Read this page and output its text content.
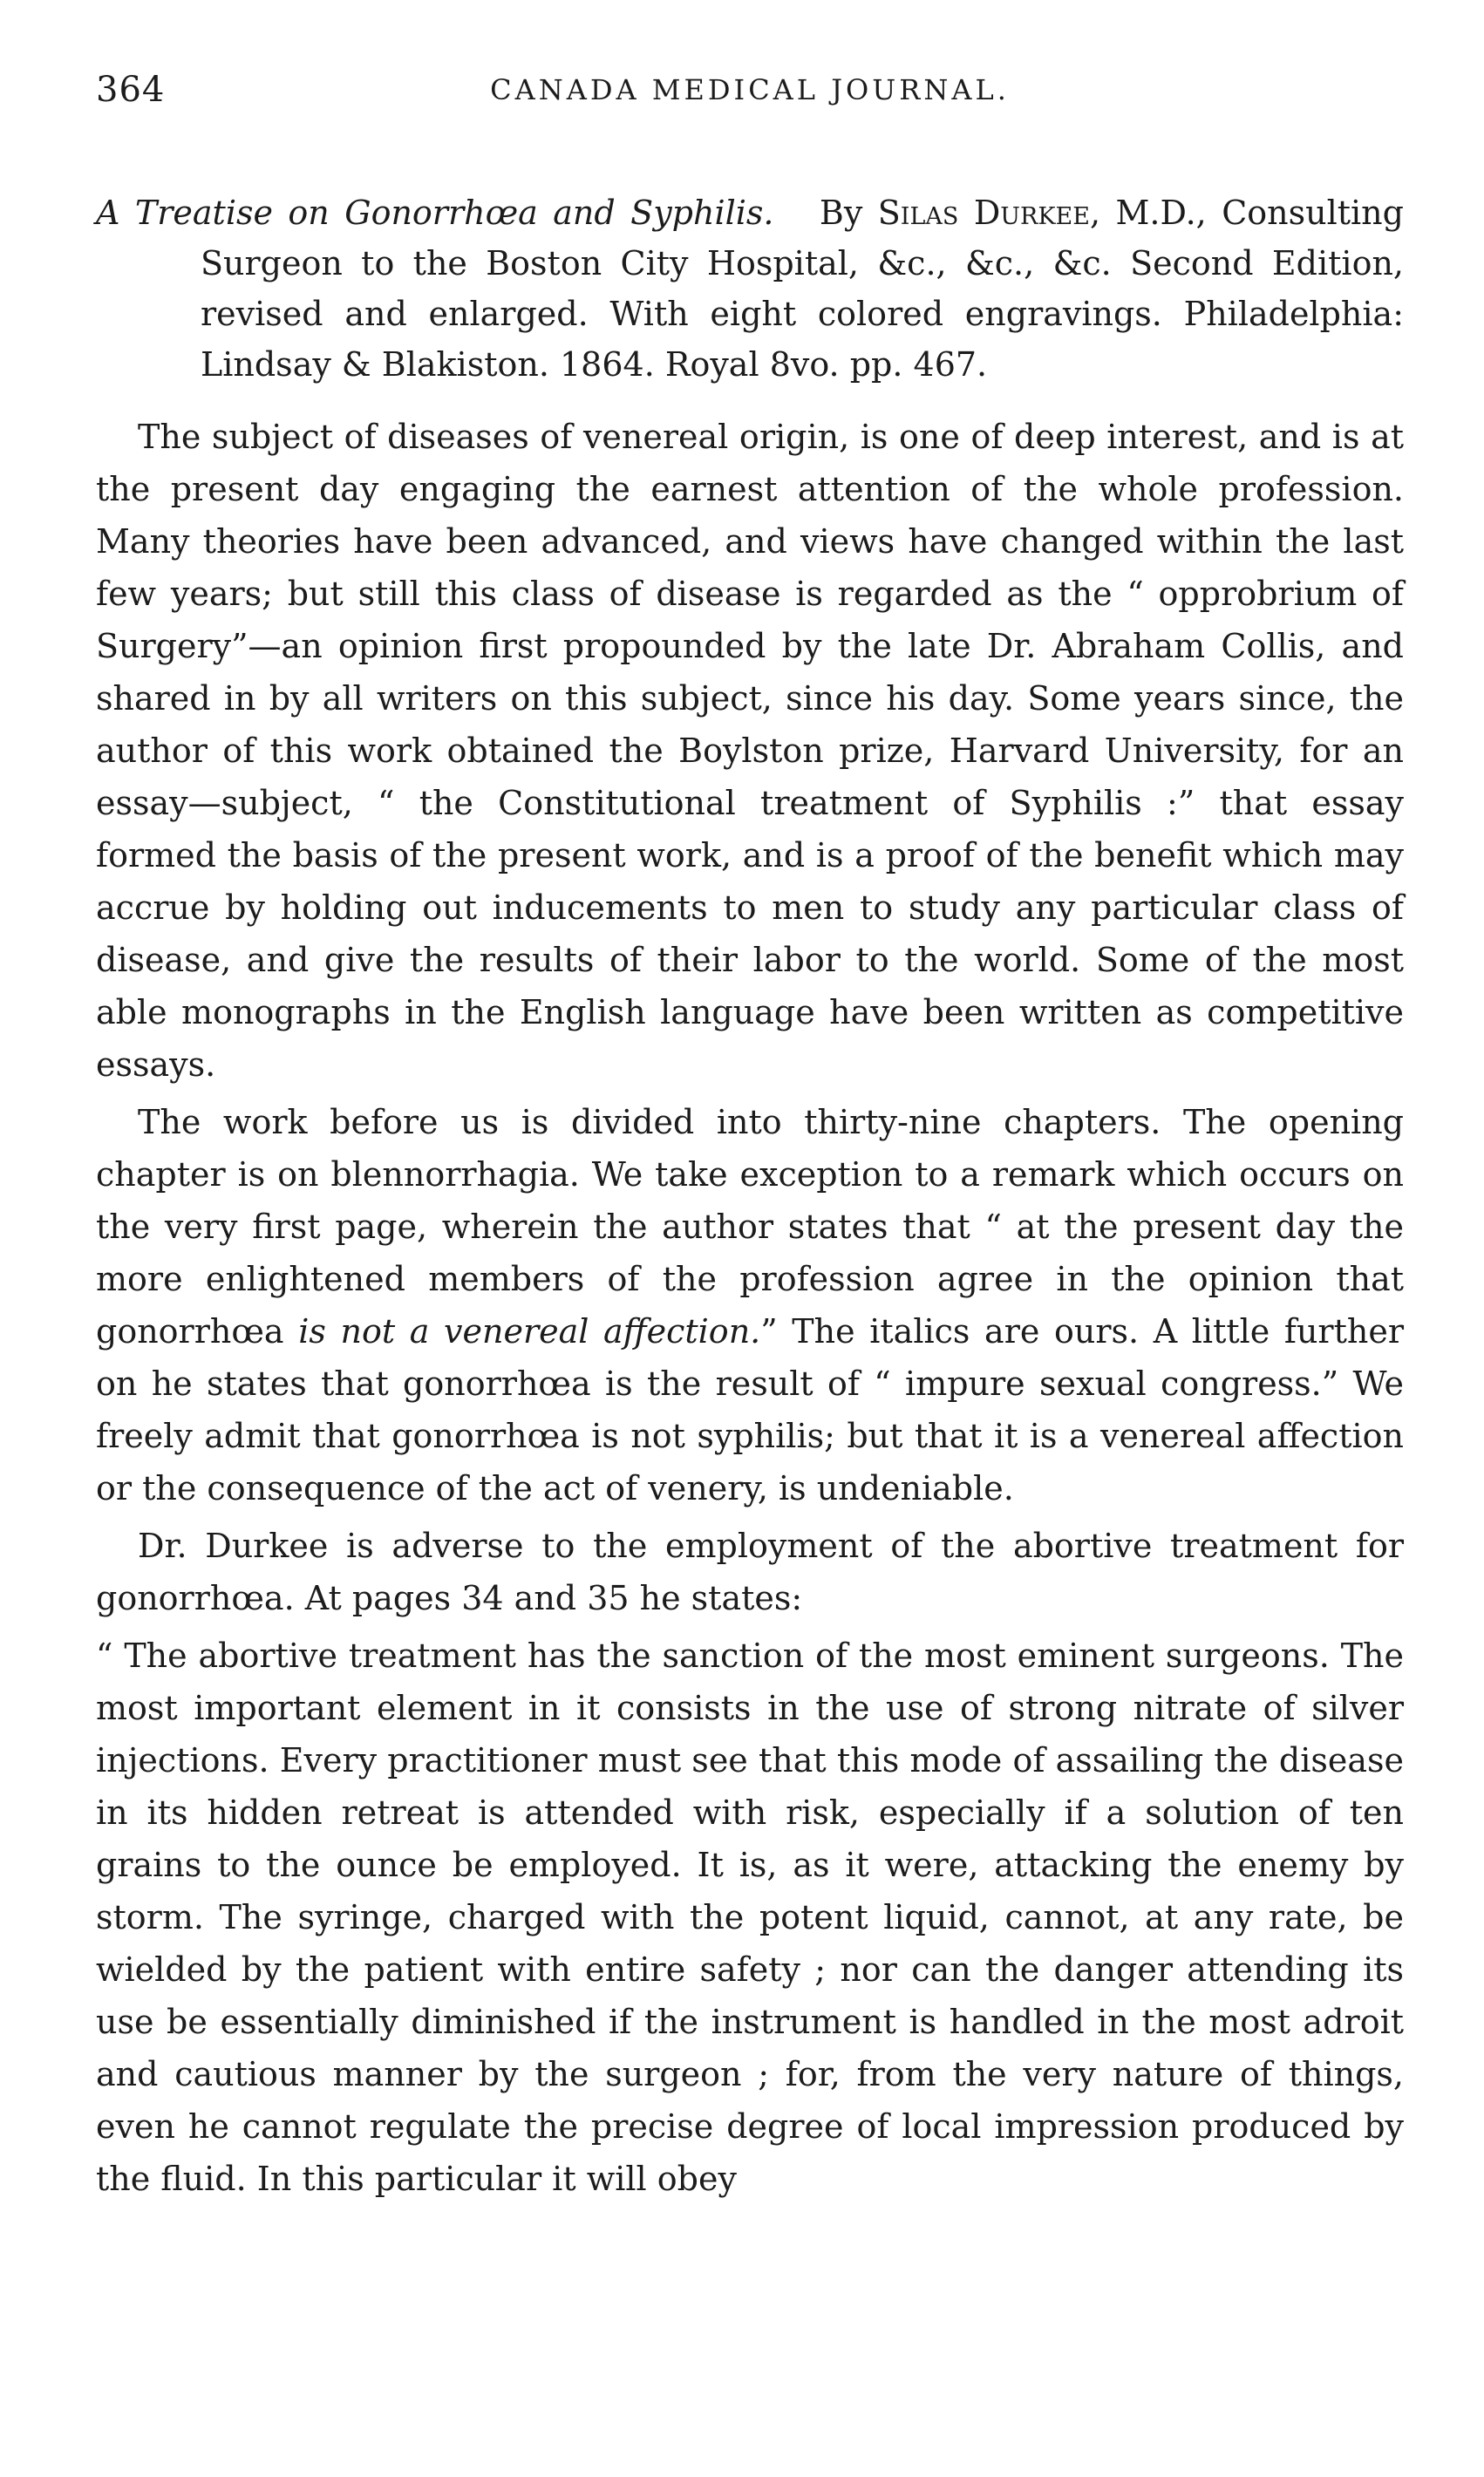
364	CANADA MEDICAL JOURNAL.

A Treatise on Gonorrhœa and Syphilis. By Silas Durkee, M.D., Consulting Surgeon to the Boston City Hospital, &c., &c., &c. Second Edition, revised and enlarged. With eight colored engravings. Philadelphia: Lindsay & Blakiston. 1864. Royal 8vo. pp. 467.

The subject of diseases of venereal origin, is one of deep interest, and is at the present day engaging the earnest attention of the whole profession. Many theories have been advanced, and views have changed within the last few years; but still this class of disease is regarded as the “ opprobrium of Surgery”—an opinion first propounded by the late Dr. Abraham Collis, and shared in by all writers on this subject, since his day. Some years since, the author of this work obtained the Boylston prize, Harvard University, for an essay—subject, “ the Constitutional treatment of Syphilis :” that essay formed the basis of the present work, and is a proof of the benefit which may accrue by holding out inducements to men to study any particular class of disease, and give the results of their labor to the world. Some of the most able monographs in the English language have been written as competitive essays.

The work before us is divided into thirty-nine chapters. The opening chapter is on blennorrhagia. We take exception to a remark which occurs on the very first page, wherein the author states that “ at the present day the more enlightened members of the profession agree in the opinion that gonorrhœa is not a venereal affection.” The italics are ours. A little further on he states that gonorrhœa is the result of “ impure sexual congress.” We freely admit that gonorrhœa is not syphilis; but that it is a venereal affection or the consequence of the act of venery, is undeniable.

Dr. Durkee is adverse to the employment of the abortive treatment for gonorrhœa. At pages 34 and 35 he states:

“ The abortive treatment has the sanction of the most eminent surgeons. The most important element in it consists in the use of strong nitrate of silver injections. Every practitioner must see that this mode of assailing the disease in its hidden retreat is attended with risk, especially if a solution of ten grains to the ounce be employed. It is, as it were, attacking the enemy by storm. The syringe, charged with the potent liquid, cannot, at any rate, be wielded by the patient with entire safety ; nor can the danger attending its use be essentially diminished if the instrument is handled in the most adroit and cautious manner by the surgeon ; for, from the very nature of things, even he cannot regulate the precise degree of local impression produced by the fluid. In this particular it will obey
